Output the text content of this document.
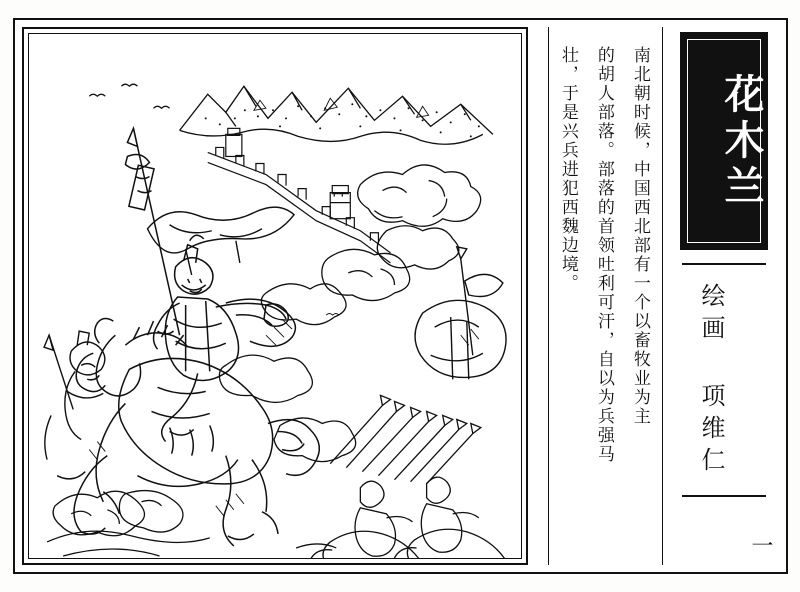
南北朝时候，中国西北部有一个以畜牧业为主
的胡人部落。部落的首领吐利可汗，自以为兵强马
壮，于是兴兵进犯西魏边境。	花木兰
绘画 项维仁
一
